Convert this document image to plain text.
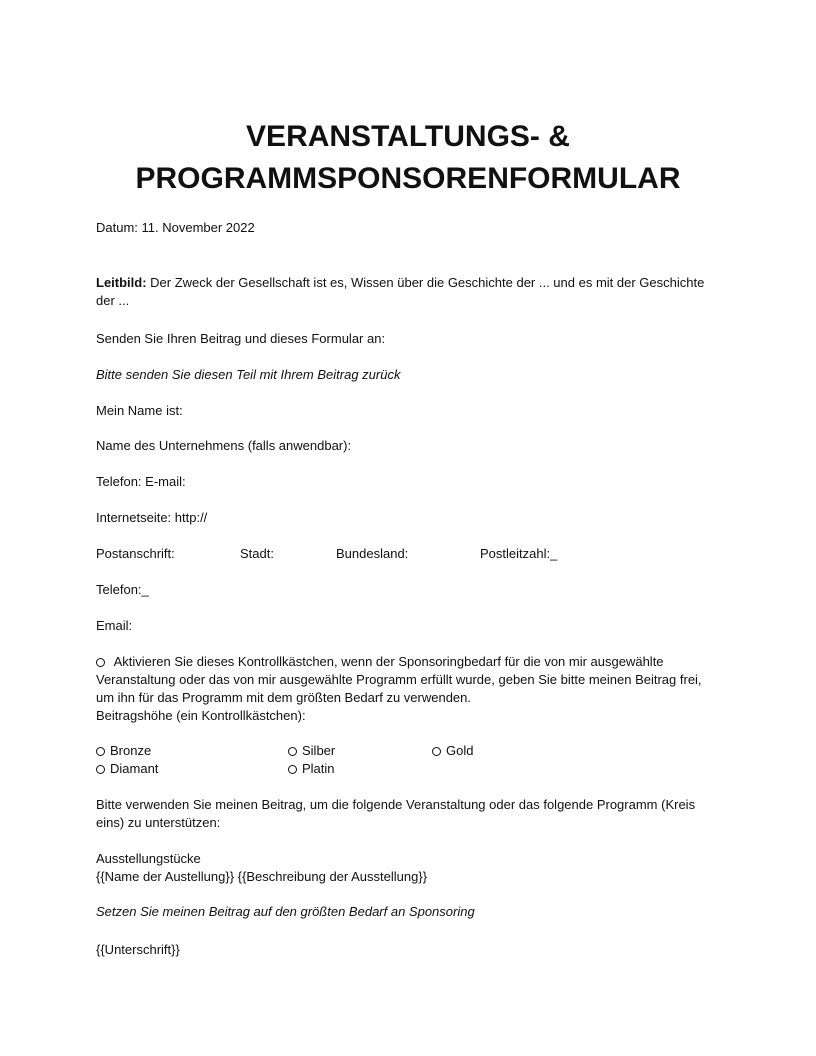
VERANSTALTUNGS- &
PROGRAMMSPONSORENFORMULAR

Datum: 11. November 2022

Leitbild: Der Zweck der Gesellschaft ist es, Wissen über die Geschichte der ... und es mit der Geschichte der ...

Senden Sie Ihren Beitrag und dieses Formular an:

Bitte senden Sie diesen Teil mit Ihrem Beitrag zurück

Mein Name ist:

Name des Unternehmens (falls anwendbar):

Telefon: E-mail:

Internetseite: http://

Postanschrift:	Stadt:	Bundesland:	Postleitzahl:_

Telefon:_

Email:

Aktivieren Sie dieses Kontrollkästchen, wenn der Sponsoringbedarf für die von mir ausgewählte Veranstaltung oder das von mir ausgewählte Programm erfüllt wurde, geben Sie bitte meinen Beitrag frei, um ihn für das Programm mit dem größten Bedarf zu verwenden.

Beitragshöhe (ein Kontrollkästchen):

Bronze	Silber	Gold
Diamant	Platin

Bitte verwenden Sie meinen Beitrag, um die folgende Veranstaltung oder das folgende Programm (Kreis eins) zu unterstützen:

Ausstellungstücke

{{Name der Austellung}} {{Beschreibung der Ausstellung}}

Setzen Sie meinen Beitrag auf den größten Bedarf an Sponsoring

{{Unterschrift}}
